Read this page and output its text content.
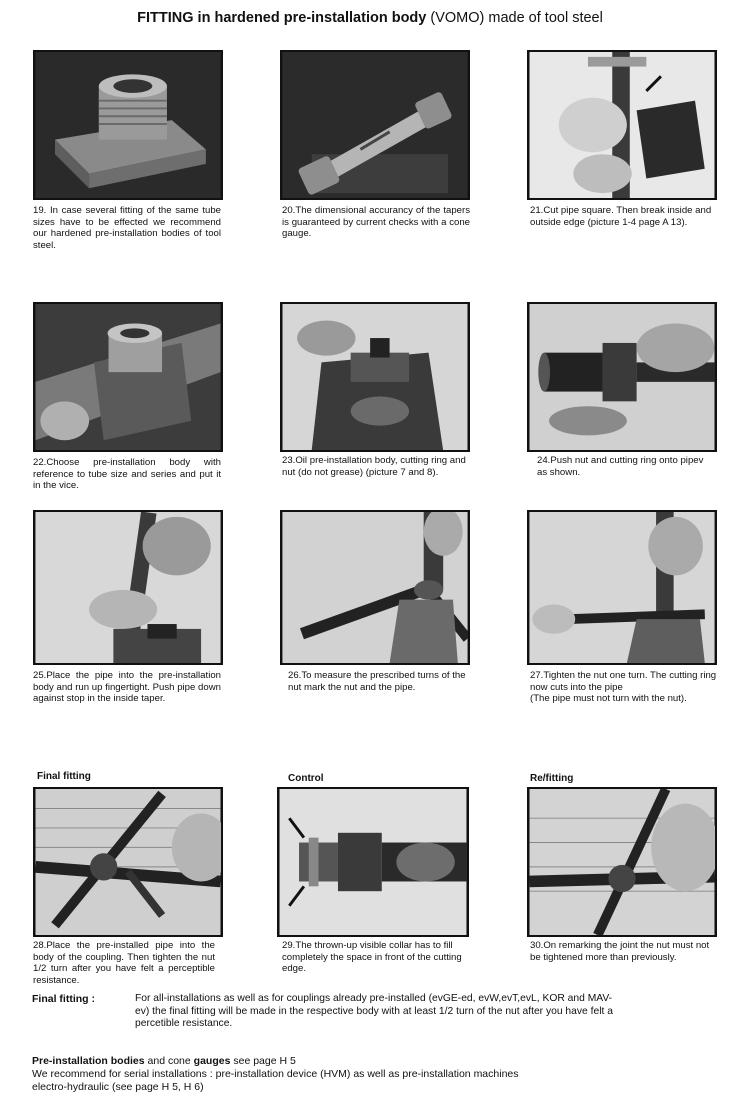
FITTING in hardened pre-installation body (VOMO) made of tool steel
19. In case several fitting of the same tube sizes have to be effected we recommend our hardened pre-installation bodies of tool steel.
20.The dimensional accurancy of the tapers is guaranteed by current checks with a cone gauge.
21.Cut pipe square. Then break inside and outside edge (picture 1-4 page A 13).
22.Choose pre-installation body with reference to tube size and series and put it in the vice.
23.Oil pre-installation body, cutting ring and nut (do not grease) (picture 7 and 8).
24.Push nut and cutting ring onto pipev as shown.
25.Place the pipe into the pre-installation body and run up fingertight. Push pipe down against stop in the inside taper.
26.To measure the prescribed turns of the nut mark the nut and the pipe.
27.Tighten the nut one turn. The cutting ring now cuts into the pipe
(The pipe must not turn with the nut).
Final fitting	Control	Re/fitting
28.Place the pre-installed pipe into the body of the coupling. Then tighten the nut 1/2 turn after you have felt a perceptible resistance.
29.The thrown-up visible collar has to fill completely the space in front of the cutting edge.
30.On remarking the joint the nut must not be tightened more than previously.
Final fitting :	For all-installations as well as for couplings already pre-installed (evGE-ed, evW,evT,evL, KOR and MAV-
ev) the final fitting will be made in the respective body with at least 1/2 turn of the nut after you have felt a
percetible resistance.
Pre-installation bodies and cone gauges see page H 5
We recommend for serial installations : pre-installation device (HVM) as well as pre-installation machines
electro-hydraulic (see page H 5, H 6)
